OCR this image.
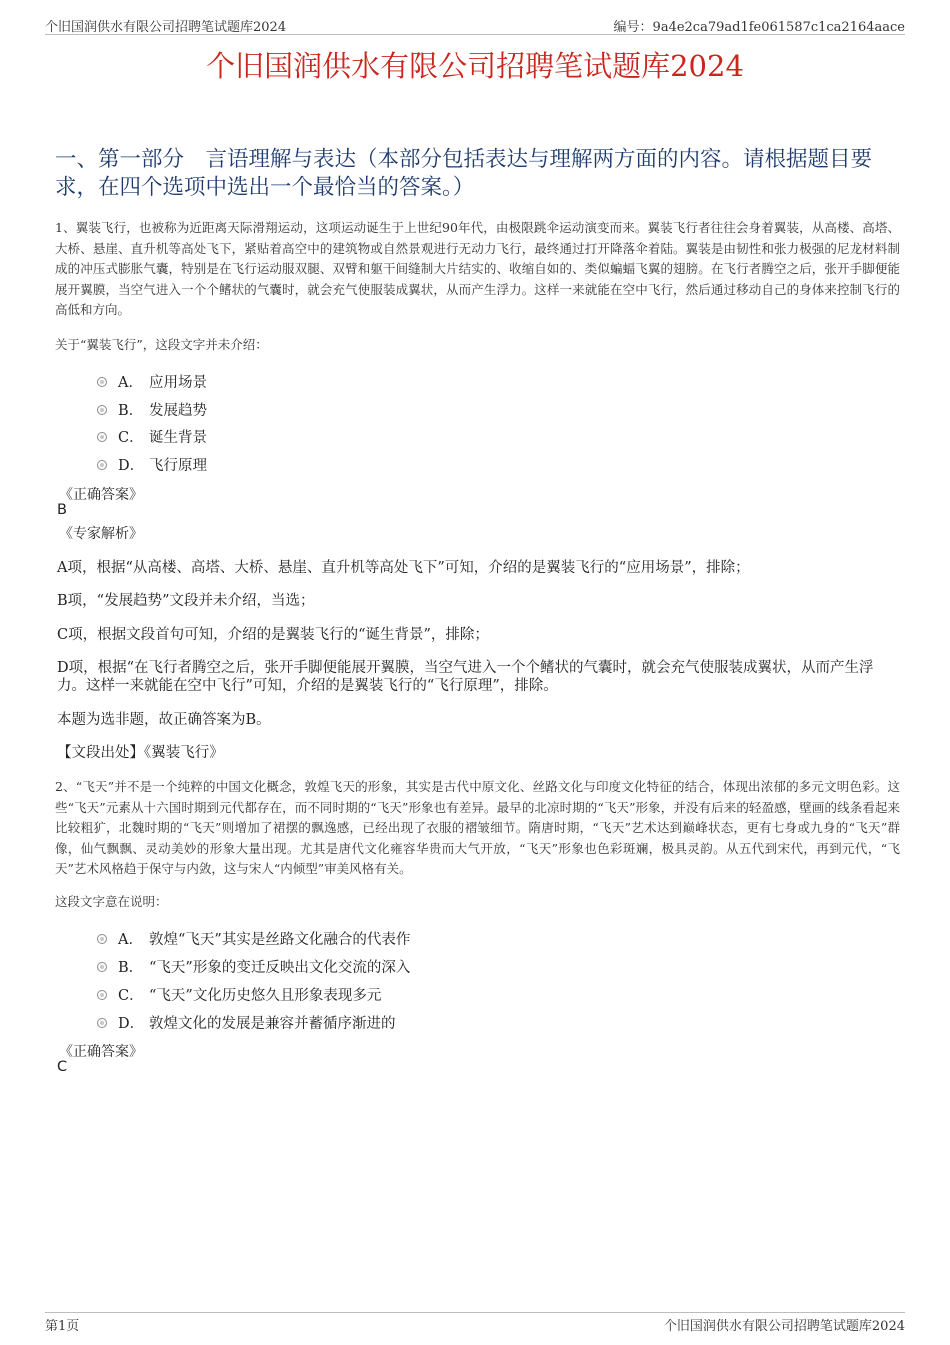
个旧国润供水有限公司招聘笔试题库2024	编号：9a4e2ca79ad1fe061587c1ca2164aace
个旧国润供水有限公司招聘笔试题库2024
一、第一部分　言语理解与表达（本部分包括表达与理解两方面的内容。请根据题目要求，在四个选项中选出一个最恰当的答案。）
1、翼装飞行，也被称为近距离天际滑翔运动，这项运动诞生于上世纪90年代，由极限跳伞运动演变而来。翼装飞行者往往会身着翼装，从高楼、高塔、大桥、悬崖、直升机等高处飞下，紧贴着高空中的建筑物或自然景观进行无动力飞行，最终通过打开降落伞着陆。翼装是由韧性和张力极强的尼龙材料制成的冲压式膨胀气囊，特别是在飞行运动服双腿、双臂和躯干间缝制大片结实的、收缩自如的、类似蝙蝠飞翼的翅膀。在飞行者腾空之后，张开手脚便能展开翼膜，当空气进入一个个鳍状的气囊时，就会充气使服装成翼状，从而产生浮力。这样一来就能在空中飞行，然后通过移动自己的身体来控制飞行的高低和方向。
关于“翼装飞行”，这段文字并未介绍：
A． 应用场景
B． 发展趋势
C． 诞生背景
D． 飞行原理
《正确答案》
B
《专家解析》
A项，根据“从高楼、高塔、大桥、悬崖、直升机等高处飞下”可知，介绍的是翼装飞行的“应用场景”，排除；
B项，“发展趋势”文段并未介绍，当选；
C项，根据文段首句可知，介绍的是翼装飞行的“诞生背景”，排除；
D项，根据“在飞行者腾空之后，张开手脚便能展开翼膜，当空气进入一个个鳍状的气囊时，就会充气使服装成翼状，从而产生浮力。这样一来就能在空中飞行”可知，介绍的是翼装飞行的“飞行原理”，排除。
本题为选非题，故正确答案为B。
【文段出处】《翼装飞行》
2、“飞天”并不是一个纯粹的中国文化概念，敦煌飞天的形象，其实是古代中原文化、丝路文化与印度文化特征的结合，体现出浓郁的多元文明色彩。这些“飞天”元素从十六国时期到元代都存在，而不同时期的“飞天”形象也有差异。最早的北凉时期的“飞天”形象，并没有后来的轻盈感，壁画的线条看起来比较粗犷，北魏时期的“飞天”则增加了裙摆的飘逸感，已经出现了衣服的褶皱细节。隋唐时期，“飞天”艺术达到巅峰状态，更有七身或九身的“飞天”群像，仙气飘飘、灵动美妙的形象大量出现。尤其是唐代文化雍容华贵而大气开放，“飞天”形象也色彩斑斓，极具灵韵。从五代到宋代，再到元代，“飞天”艺术风格趋于保守与内敛，这与宋人“内倾型”审美风格有关。
这段文字意在说明：
A． 敦煌“飞天”其实是丝路文化融合的代表作
B． “飞天”形象的变迁反映出文化交流的深入
C． “飞天”文化历史悠久且形象表现多元
D． 敦煌文化的发展是兼容并蓄循序渐进的
《正确答案》
C
第1页	个旧国润供水有限公司招聘笔试题库2024
